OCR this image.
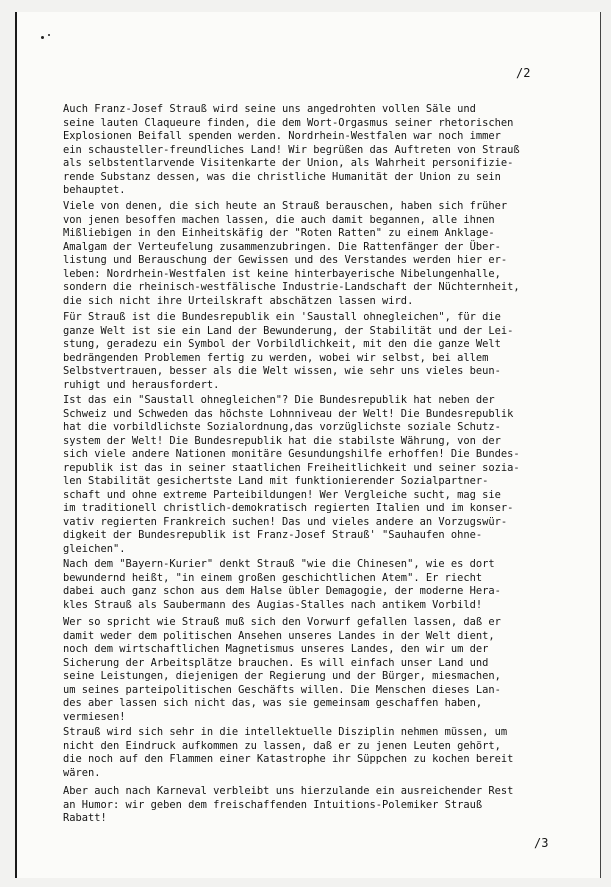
/2

Auch Franz-Josef Strauß wird seine uns angedrohten vollen Säle und
seine lauten Claqueure finden, die dem Wort-Orgasmus seiner rhetorischen
Explosionen Beifall spenden werden. Nordrhein-Westfalen war noch immer
ein schausteller-freundliches Land! Wir begrüßen das Auftreten von Strauß
als selbstentlarvende Visitenkarte der Union, als Wahrheit personifizie-
rende Substanz dessen, was die christliche Humanität der Union zu sein
behauptet.

Viele von denen, die sich heute an Strauß berauschen, haben sich früher
von jenen besoffen machen lassen, die auch damit begannen, alle ihnen
Mißliebigen in den Einheitskäfig der "Roten Ratten" zu einem Anklage-
Amalgam der Verteufelung zusammenzubringen. Die Rattenfänger der Über-
listung und Berauschung der Gewissen und des Verstandes werden hier er-
leben: Nordrhein-Westfalen ist keine hinterbayerische Nibelungenhalle,
sondern die rheinisch-westfälische Industrie-Landschaft der Nüchternheit,
die sich nicht ihre Urteilskraft abschätzen lassen wird.

Für Strauß ist die Bundesrepublik ein 'Saustall ohnegleichen", für die
ganze Welt ist sie ein Land der Bewunderung, der Stabilität und der Lei-
stung, geradezu ein Symbol der Vorbildlichkeit, mit den die ganze Welt
bedrängenden Problemen fertig zu werden, wobei wir selbst, bei allem
Selbstvertrauen, besser als die Welt wissen, wie sehr uns vieles beun-
ruhigt und herausfordert.

Ist das ein "Saustall ohnegleichen"? Die Bundesrepublik hat neben der
Schweiz und Schweden das höchste Lohnniveau der Welt! Die Bundesrepublik
hat die vorbildlichste Sozialordnung,das vorzüglichste soziale Schutz-
system der Welt! Die Bundesrepublik hat die stabilste Währung, von der
sich viele andere Nationen monitäre Gesundungshilfe erhoffen! Die Bundes-
republik ist das in seiner staatlichen Freiheitlichkeit und seiner sozia-
len Stabilität gesichertste Land mit funktionierender Sozialpartner-
schaft und ohne extreme Parteibildungen! Wer Vergleiche sucht, mag sie
im traditionell christlich-demokratisch regierten Italien und im konser-
vativ regierten Frankreich suchen! Das und vieles andere an Vorzugswür-
digkeit der Bundesrepublik ist Franz-Josef Strauß' "Sauhaufen ohne-
gleichen".

Nach dem "Bayern-Kurier" denkt Strauß "wie die Chinesen", wie es dort
bewundernd heißt, "in einem großen geschichtlichen Atem". Er riecht
dabei auch ganz schon aus dem Halse übler Demagogie, der moderne Hera-
kles Strauß als Saubermann des Augias-Stalles nach antikem Vorbild!

Wer so spricht wie Strauß muß sich den Vorwurf gefallen lassen, daß er
damit weder dem politischen Ansehen unseres Landes in der Welt dient,
noch dem wirtschaftlichen Magnetismus unseres Landes, den wir um der
Sicherung der Arbeitsplätze brauchen. Es will einfach unser Land und
seine Leistungen, diejenigen der Regierung und der Bürger, miesmachen,
um seines parteipolitischen Geschäfts willen. Die Menschen dieses Lan-
des aber lassen sich nicht das, was sie gemeinsam geschaffen haben,
vermiesen!

Strauß wird sich sehr in die intellektuelle Disziplin nehmen müssen, um
nicht den Eindruck aufkommen zu lassen, daß er zu jenen Leuten gehört,
die noch auf den Flammen einer Katastrophe ihr Süppchen zu kochen bereit
wären.

Aber auch nach Karneval verbleibt uns hierzulande ein ausreichender Rest
an Humor: wir geben dem freischaffenden Intuitions-Polemiker Strauß
Rabatt!

/3
